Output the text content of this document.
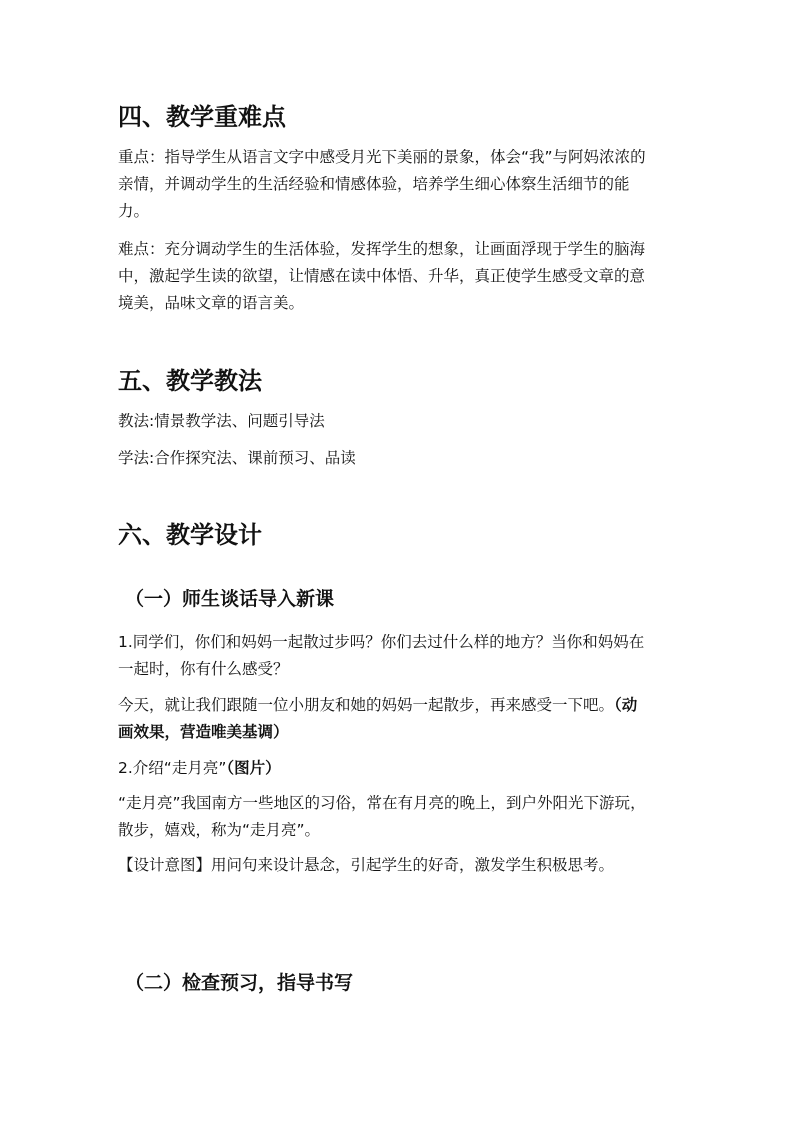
四、教学重难点
重点：指导学生从语言文字中感受月光下美丽的景象，体会“我”与阿妈浓浓的
亲情，并调动学生的生活经验和情感体验，培养学生细心体察生活细节的能
力。
难点：充分调动学生的生活体验，发挥学生的想象，让画面浮现于学生的脑海
中，激起学生读的欲望，让情感在读中体悟、升华，真正使学生感受文章的意
境美，品味文章的语言美。
五、教学教法

教法:情景教学法、问题引导法

学法:合作探究法、课前预习、品读

六、教学设计
（一）师生谈话导入新课
1.同学们，你们和妈妈一起散过步吗？你们去过什么样的地方？当你和妈妈在
一起时，你有什么感受？
今天，就让我们跟随一位小朋友和她的妈妈一起散步，再来感受一下吧。（动
画效果，营造唯美基调）

2.介绍“走月亮”（图片）

“走月亮”我国南方一些地区的习俗，常在有月亮的晚上，到户外阳光下游玩，
散步，嬉戏，称为“走月亮”。

【设计意图】用问句来设计悬念，引起学生的好奇，激发学生积极思考。

（二）检查预习，指导书写
